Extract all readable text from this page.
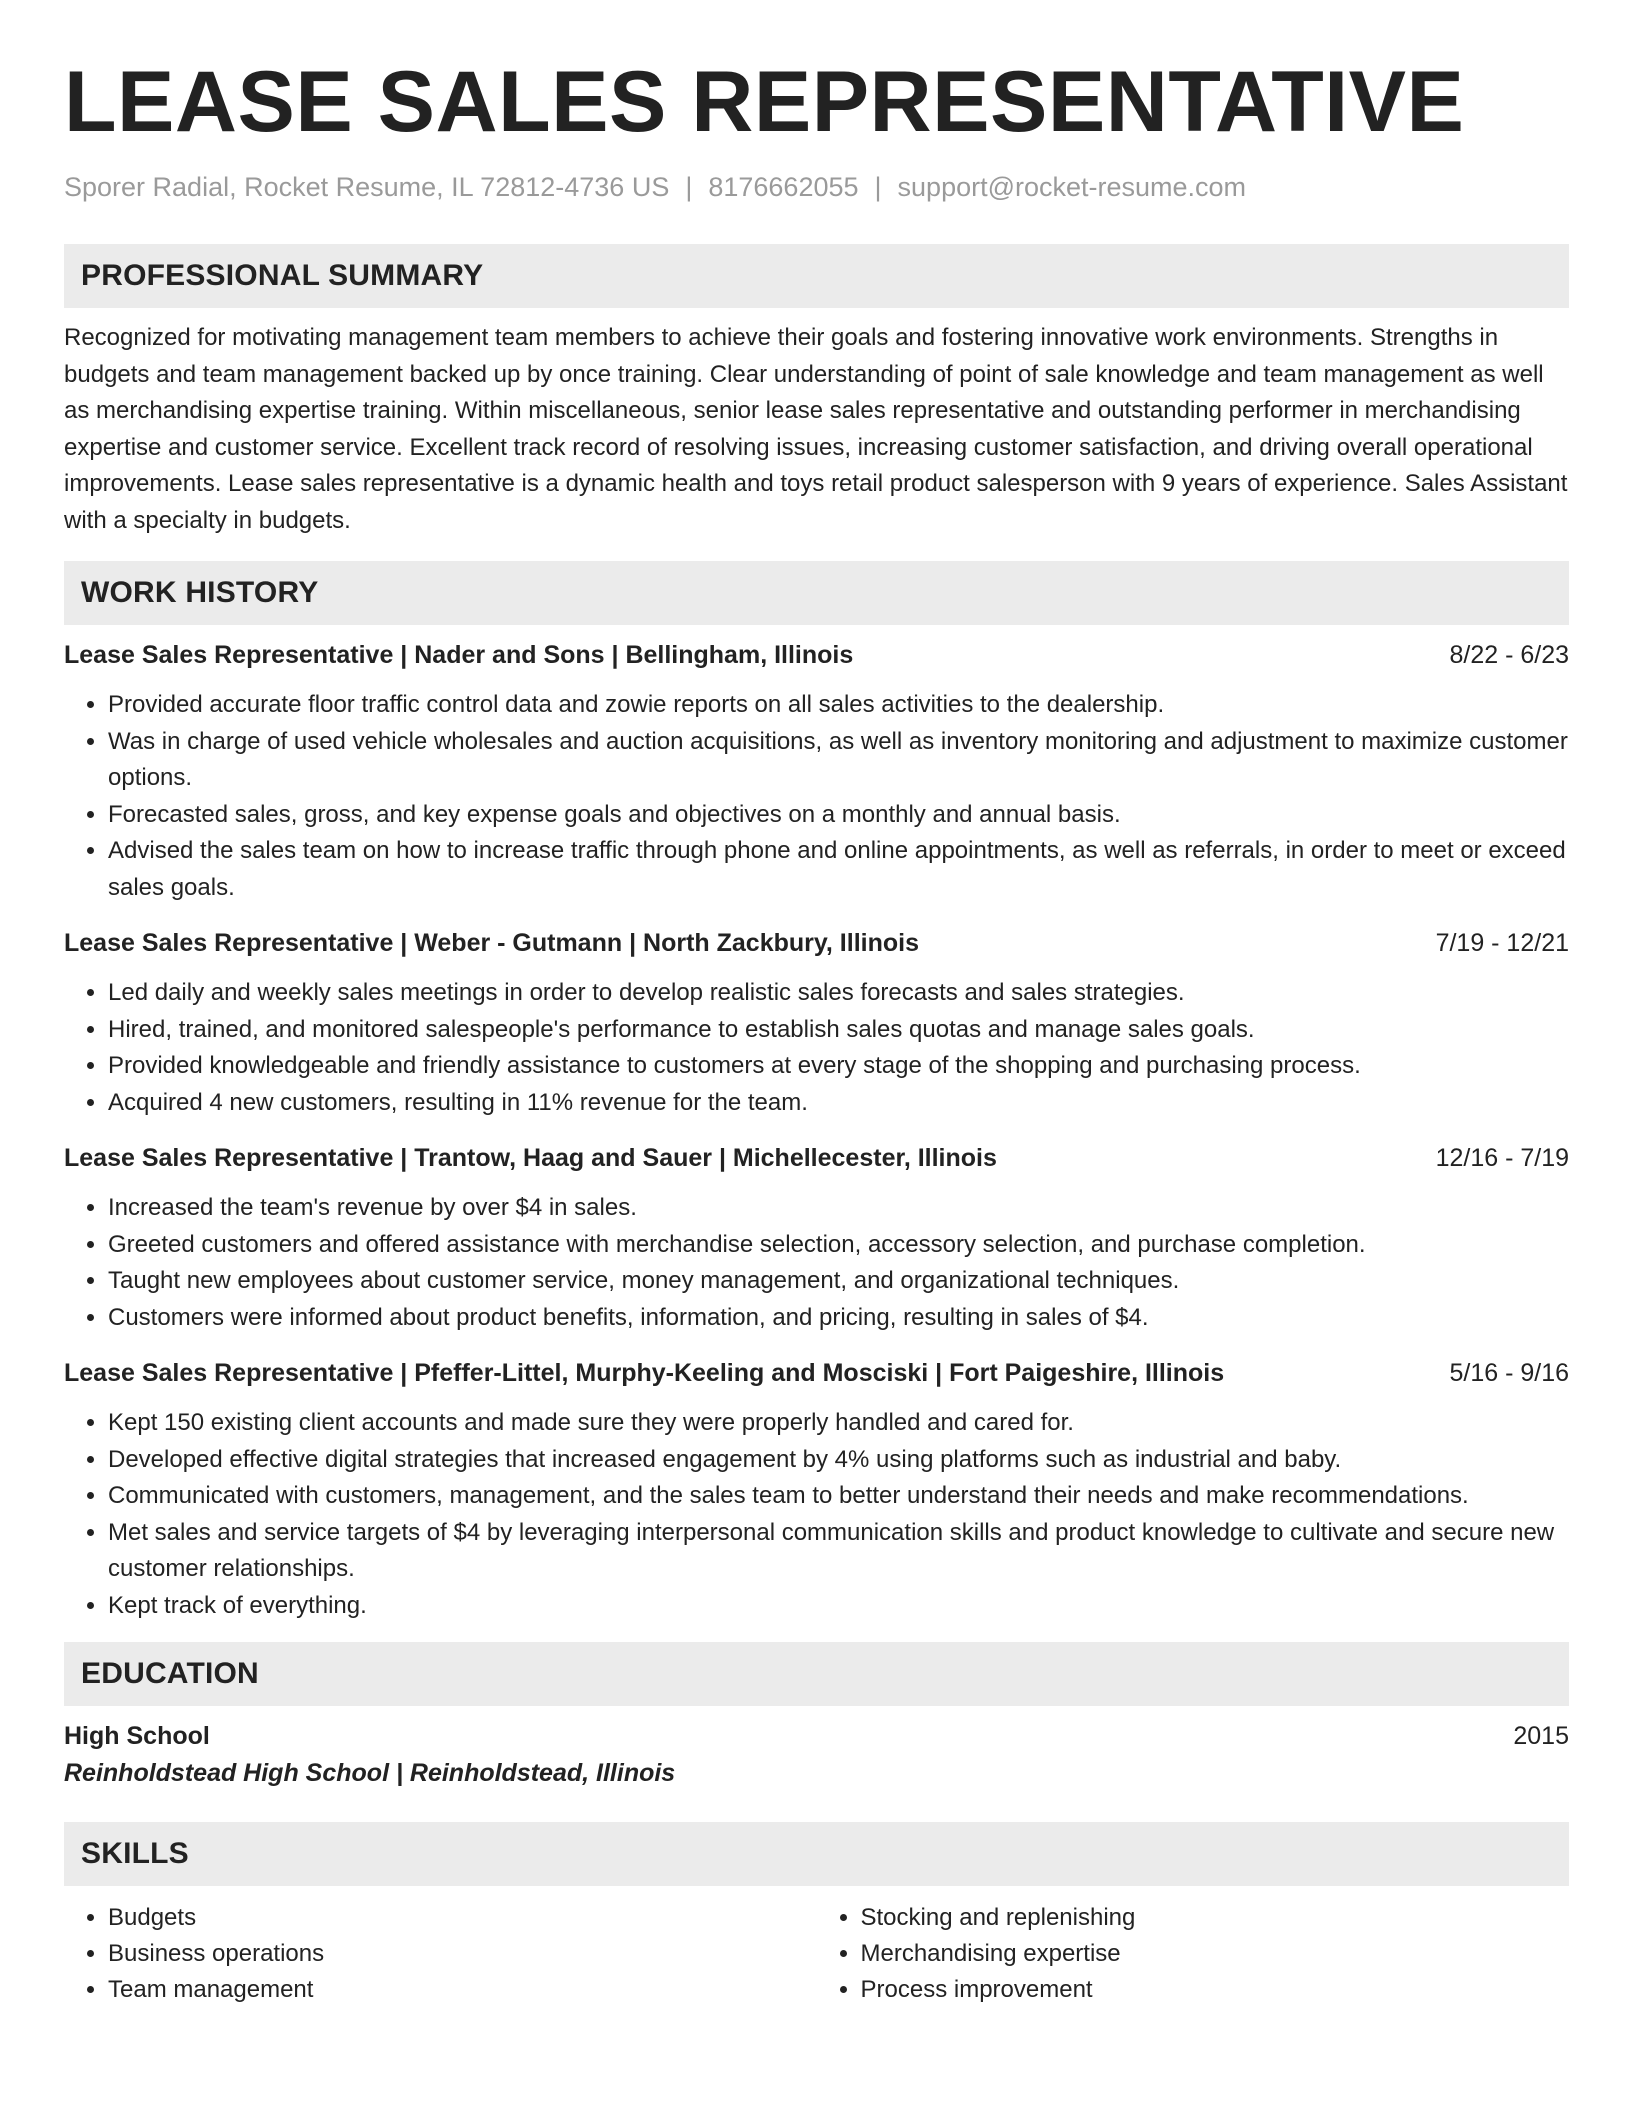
LEASE SALES REPRESENTATIVE
Sporer Radial, Rocket Resume, IL 72812-4736 US | 8176662055 | support@rocket-resume.com
PROFESSIONAL SUMMARY

Recognized for motivating management team members to achieve their goals and fostering innovative work environments. Strengths in budgets and team management backed up by once training. Clear understanding of point of sale knowledge and team management as well as merchandising expertise training. Within miscellaneous, senior lease sales representative and outstanding performer in merchandising expertise and customer service. Excellent track record of resolving issues, increasing customer satisfaction, and driving overall operational improvements. Lease sales representative is a dynamic health and toys retail product salesperson with 9 years of experience. Sales Assistant with a specialty in budgets.

WORK HISTORY
Lease Sales Representative | Nader and Sons | Bellingham, Illinois	8/22 - 6/23
• Provided accurate floor traffic control data and zowie reports on all sales activities to the dealership.
• Was in charge of used vehicle wholesales and auction acquisitions, as well as inventory monitoring and adjustment to maximize customer options.
• Forecasted sales, gross, and key expense goals and objectives on a monthly and annual basis.
• Advised the sales team on how to increase traffic through phone and online appointments, as well as referrals, in order to meet or exceed sales goals.
Lease Sales Representative | Weber - Gutmann | North Zackbury, Illinois	7/19 - 12/21
• Led daily and weekly sales meetings in order to develop realistic sales forecasts and sales strategies.
• Hired, trained, and monitored salespeople's performance to establish sales quotas and manage sales goals.
• Provided knowledgeable and friendly assistance to customers at every stage of the shopping and purchasing process.
• Acquired 4 new customers, resulting in 11% revenue for the team.
Lease Sales Representative | Trantow, Haag and Sauer | Michellecester, Illinois	12/16 - 7/19
• Increased the team's revenue by over $4 in sales.
• Greeted customers and offered assistance with merchandise selection, accessory selection, and purchase completion.
• Taught new employees about customer service, money management, and organizational techniques.
• Customers were informed about product benefits, information, and pricing, resulting in sales of $4.
Lease Sales Representative | Pfeffer-Littel, Murphy-Keeling and Mosciski | Fort Paigeshire, Illinois	5/16 - 9/16
• Kept 150 existing client accounts and made sure they were properly handled and cared for.
• Developed effective digital strategies that increased engagement by 4% using platforms such as industrial and baby.
• Communicated with customers, management, and the sales team to better understand their needs and make recommendations.
• Met sales and service targets of $4 by leveraging interpersonal communication skills and product knowledge to cultivate and secure new customer relationships.
• Kept track of everything.
EDUCATION
High School	2015
Reinholdstead High School | Reinholdstead, Illinois
SKILLS
• Budgets
• Business operations
• Team management
• Stocking and replenishing
• Merchandising expertise
• Process improvement
